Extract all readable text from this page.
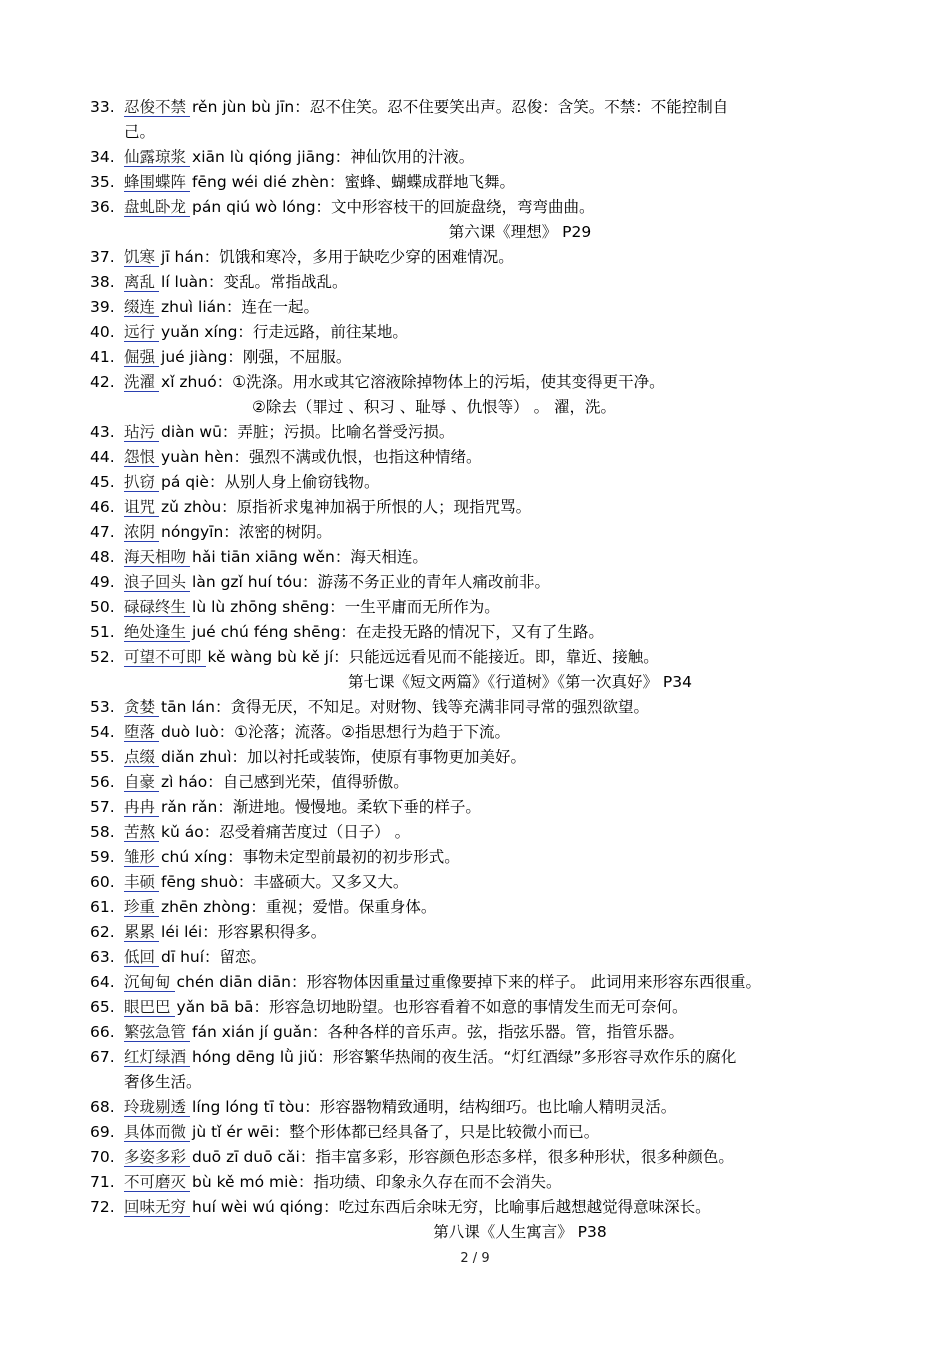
33. 忍俊不禁 rěn jùn bù jīn：忍不住笑。忍不住要笑出声。忍俊：含笑。不禁：不能控制自
己。
34. 仙露琼浆 xiān lù qióng jiāng：神仙饮用的汁液。
35. 蜂围蝶阵 fēng wéi dié zhèn：蜜蜂、蝴蝶成群地飞舞。
36. 盘虬卧龙 pán qiú wò lóng：文中形容枝干的回旋盘绕，弯弯曲曲。
第六课《理想》 P29
37. 饥寒 jī hán：饥饿和寒冷，多用于缺吃少穿的困难情况。
38. 离乱 lí luàn：变乱。常指战乱。
39. 缀连 zhuì lián：连在一起。
40. 远行 yuǎn xíng：行走远路，前往某地。
41. 倔强 jué jiàng：刚强，不屈服。
42. 洗濯 xǐ zhuó：①洗涤。用水或其它溶液除掉物体上的污垢，使其变得更干净。
②除去（罪过 、积习 、耻辱 、仇恨等） 。 濯，洗。
43. 玷污 diàn wū：弄脏；污损。比喻名誉受污损。
44. 怨恨 yuàn hèn：强烈不满或仇恨，也指这种情绪。
45. 扒窃 pá qiè：从别人身上偷窃钱物。
46. 诅咒 zǔ zhòu：原指祈求鬼神加祸于所恨的人；现指咒骂。
47. 浓阴 nóngyīn：浓密的树阴。
48. 海天相吻 hǎi tiān xiāng wěn：海天相连。
49. 浪子回头 làn gzǐ huí tóu：游荡不务正业的青年人痛改前非。
50. 碌碌终生 lù lù zhōng shēng：一生平庸而无所作为。
51. 绝处逢生 jué chú féng shēng：在走投无路的情况下，又有了生路。
52. 可望不可即 kě wàng bù kě jí：只能远远看见而不能接近。即，靠近、接触。
第七课《短文两篇》《行道树》《第一次真好》 P34
53. 贪婪 tān lán：贪得无厌，不知足。对财物、钱等充满非同寻常的强烈欲望。
54. 堕落 duò luò：①沦落；流落。②指思想行为趋于下流。
55. 点缀 diǎn zhuì：加以衬托或装饰，使原有事物更加美好。
56. 自豪 zì háo：自己感到光荣，值得骄傲。
57. 冉冉 rǎn rǎn：渐进地。慢慢地。柔软下垂的样子。
58. 苦熬 kǔ áo：忍受着痛苦度过（日子） 。
59. 雏形 chú xíng：事物未定型前最初的初步形式。
60. 丰硕 fēng shuò：丰盛硕大。又多又大。
61. 珍重 zhēn zhòng：重视；爱惜。保重身体。
62. 累累 léi léi：形容累积得多。
63. 低回 dī huí：留恋。
64. 沉甸甸 chén diān diān：形容物体因重量过重像要掉下来的样子。 此词用来形容东西很重。
65. 眼巴巴 yǎn bā bā：形容急切地盼望。也形容看着不如意的事情发生而无可奈何。
66. 繁弦急管 fán xián jí guǎn：各种各样的音乐声。弦，指弦乐器。管，指管乐器。
67. 红灯绿酒 hóng dēng lǜ jiǔ：形容繁华热闹的夜生活。“灯红酒绿”多形容寻欢作乐的腐化
奢侈生活。
68. 玲珑剔透 líng lóng tī tòu：形容器物精致通明，结构细巧。也比喻人精明灵活。
69. 具体而微 jù tǐ ér wēi：整个形体都已经具备了，只是比较微小而已。
70. 多姿多彩 duō zī duō cǎi：指丰富多彩，形容颜色形态多样，很多种形状，很多种颜色。
71. 不可磨灭 bù kě mó miè：指功绩、印象永久存在而不会消失。
72. 回味无穷 huí wèi wú qióng：吃过东西后余味无穷，比喻事后越想越觉得意味深长。
第八课《人生寓言》 P38
2 / 9
